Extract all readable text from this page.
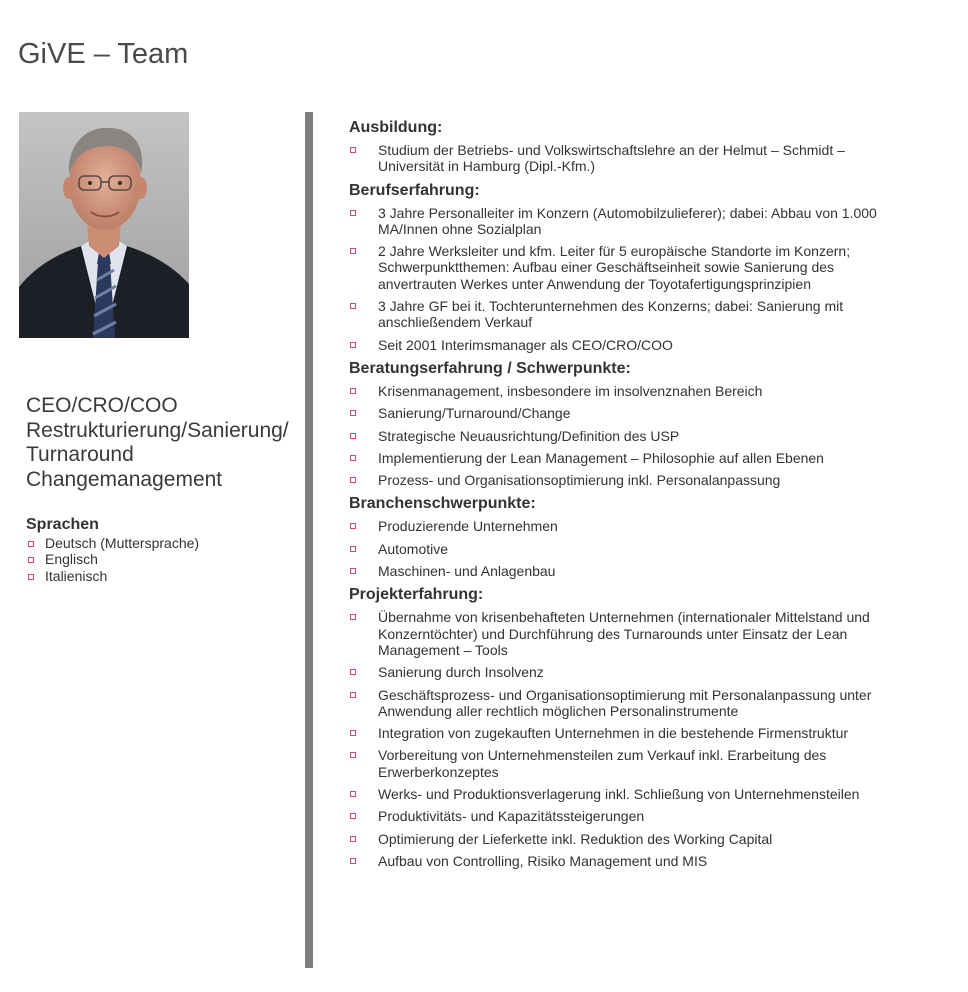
GiVE – Team
CEO/CRO/COO
Restrukturierung/Sanierung/
Turnaround
Changemanagement
Sprachen
Deutsch (Muttersprache)
Englisch
Italienisch
Ausbildung:
Studium der Betriebs- und Volkswirtschaftslehre an der Helmut – Schmidt –
Universität in Hamburg (Dipl.-Kfm.)
Berufserfahrung:
3 Jahre Personalleiter im Konzern (Automobilzulieferer); dabei: Abbau von 1.000
MA/Innen ohne Sozialplan
2 Jahre Werksleiter und kfm. Leiter für 5 europäische Standorte im Konzern;
Schwerpunktthemen: Aufbau einer Geschäftseinheit sowie Sanierung des
anvertrauten Werkes unter Anwendung der Toyotafertigungsprinzipien
3 Jahre GF bei it. Tochterunternehmen des Konzerns; dabei: Sanierung mit
anschließendem Verkauf
Seit 2001 Interimsmanager als CEO/CRO/COO
Beratungserfahrung / Schwerpunkte:
Krisenmanagement, insbesondere im insolvenznahen Bereich
Sanierung/Turnaround/Change
Strategische Neuausrichtung/Definition des USP
Implementierung der Lean Management – Philosophie auf allen Ebenen
Prozess- und Organisationsoptimierung inkl. Personalanpassung
Branchenschwerpunkte:
Produzierende Unternehmen
Automotive
Maschinen- und Anlagenbau
Projekterfahrung:
Übernahme von krisenbehafteten Unternehmen (internationaler Mittelstand und
Konzerntöchter) und Durchführung des Turnarounds unter Einsatz der Lean
Management – Tools
Sanierung durch Insolvenz
Geschäftsprozess- und Organisationsoptimierung mit Personalanpassung unter
Anwendung aller rechtlich möglichen Personalinstrumente
Integration von zugekauften Unternehmen in die bestehende Firmenstruktur
Vorbereitung von Unternehmensteilen zum Verkauf inkl. Erarbeitung des
Erwerberkonzeptes
Werks- und Produktionsverlagerung inkl. Schließung von Unternehmensteilen
Produktivitäts- und Kapazitätssteigerungen
Optimierung der Lieferkette inkl. Reduktion des Working Capital
Aufbau von Controlling, Risiko Management und MIS
